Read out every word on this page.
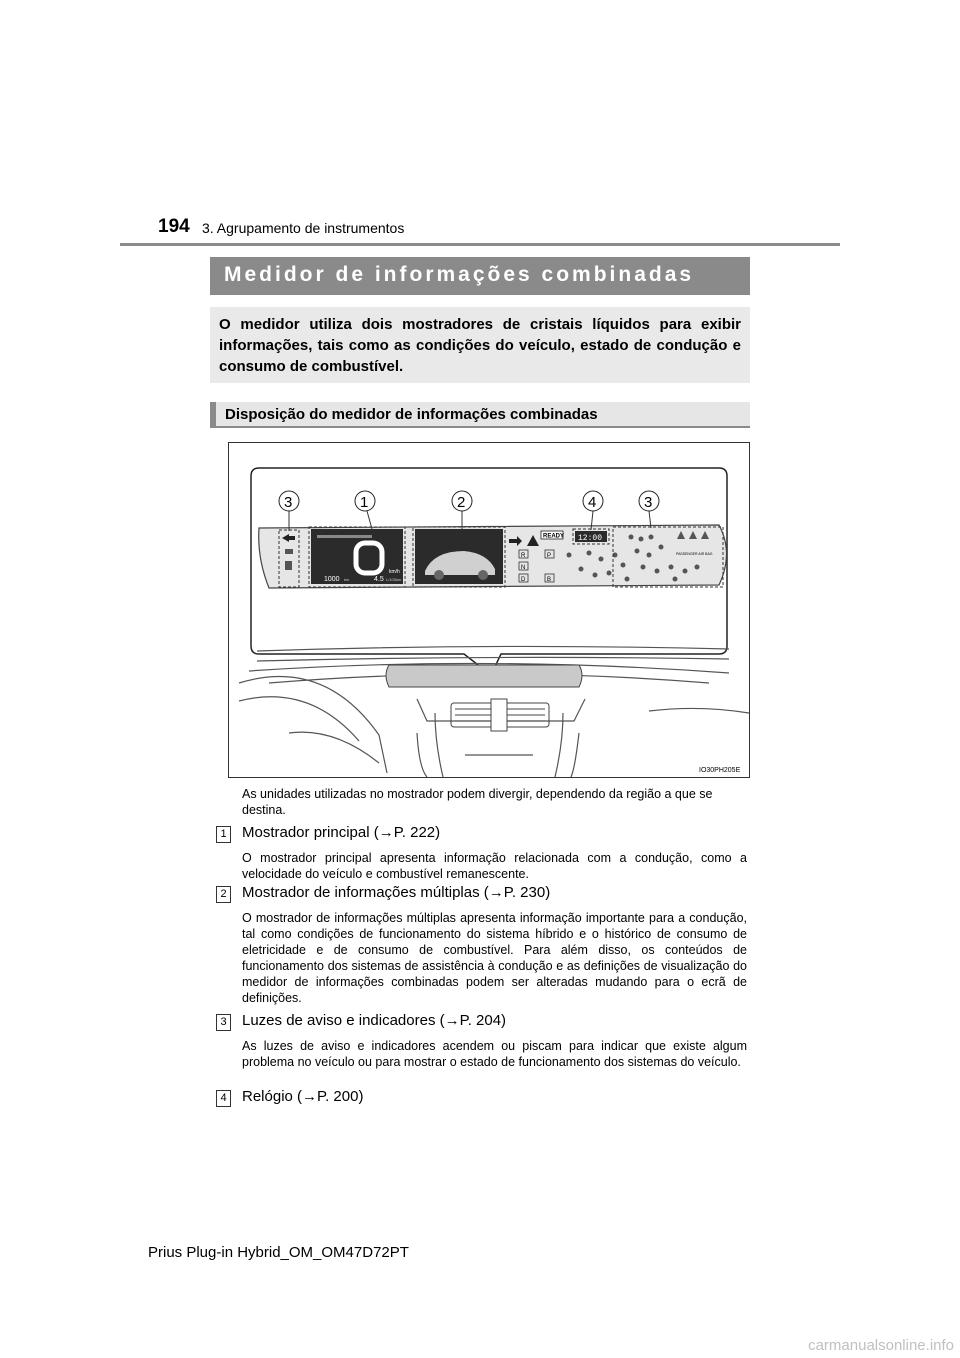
194 3. Agrupamento de instrumentos
Medidor de informações combinadas
O medidor utiliza dois mostradores de cristais líquidos para exibir informações, tais como as condições do veículo, estado de condução e consumo de combustível.
Disposição do medidor de informações combinadas
km/h
1000 km	4.5 L/100km
READY 12:00
R
N
D
P
B
PASSENGER AIR BAG
3	1	2	4	3
IO30PH205E
As unidades utilizadas no mostrador podem divergir, dependendo da região a que se destina.
1 Mostrador principal (→P. 222)
O mostrador principal apresenta informação relacionada com a condução, como a velocidade do veículo e combustível remanescente.
2 Mostrador de informações múltiplas (→P. 230)
O mostrador de informações múltiplas apresenta informação importante para a condução, tal como condições de funcionamento do sistema híbrido e o histórico de consumo de eletricidade e de consumo de combustível. Para além disso, os conteúdos de funcionamento dos sistemas de assistência à condução e as definições de visualização do medidor de informações combinadas podem ser alteradas mudando para o ecrã de definições.
3 Luzes de aviso e indicadores (→P. 204)
As luzes de aviso e indicadores acendem ou piscam para indicar que existe algum problema no veículo ou para mostrar o estado de funcionamento dos sistemas do veículo.
4 Relógio (→P. 200)
Prius Plug-in Hybrid_OM_OM47D72PT
carmanualsonline.info
